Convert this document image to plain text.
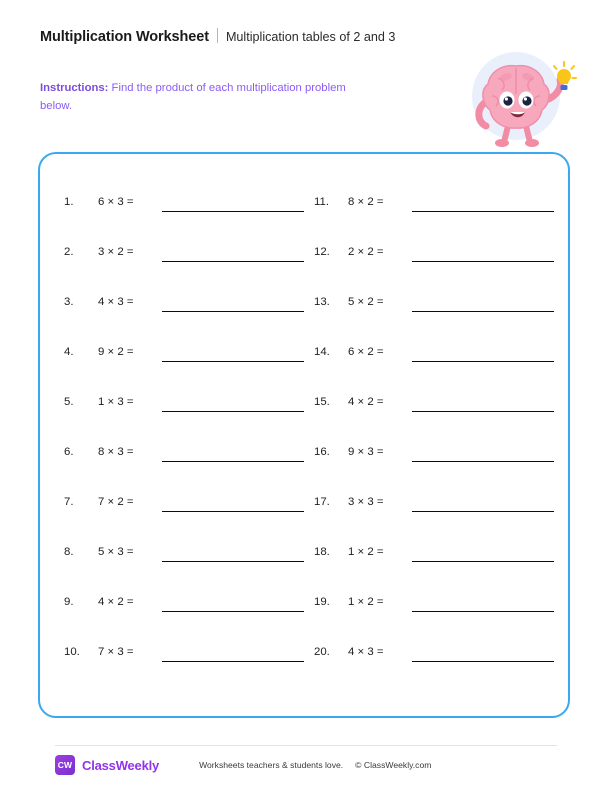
Multiplication Worksheet Multiplication tables of 2 and 3
Instructions: Find the product of each multiplication problem below.
1.	6 × 3 =
2.	3 × 2 =
3.	4 × 3 =
4.	9 × 2 =
5.	1 × 3 =
6.	8 × 3 =
7.	7 × 2 =
8.	5 × 3 =
9.	4 × 2 =
10.	7 × 3 =
11.	8 × 2 =
12.	2 × 2 =
13.	5 × 2 =
14.	6 × 2 =
15.	4 × 2 =
16.	9 × 3 =
17.	3 × 3 =
18.	1 × 2 =
19.	1 × 2 =
20.	4 × 3 =
CW ClassWeekly	Worksheets teachers & students love. © ClassWeekly.com
